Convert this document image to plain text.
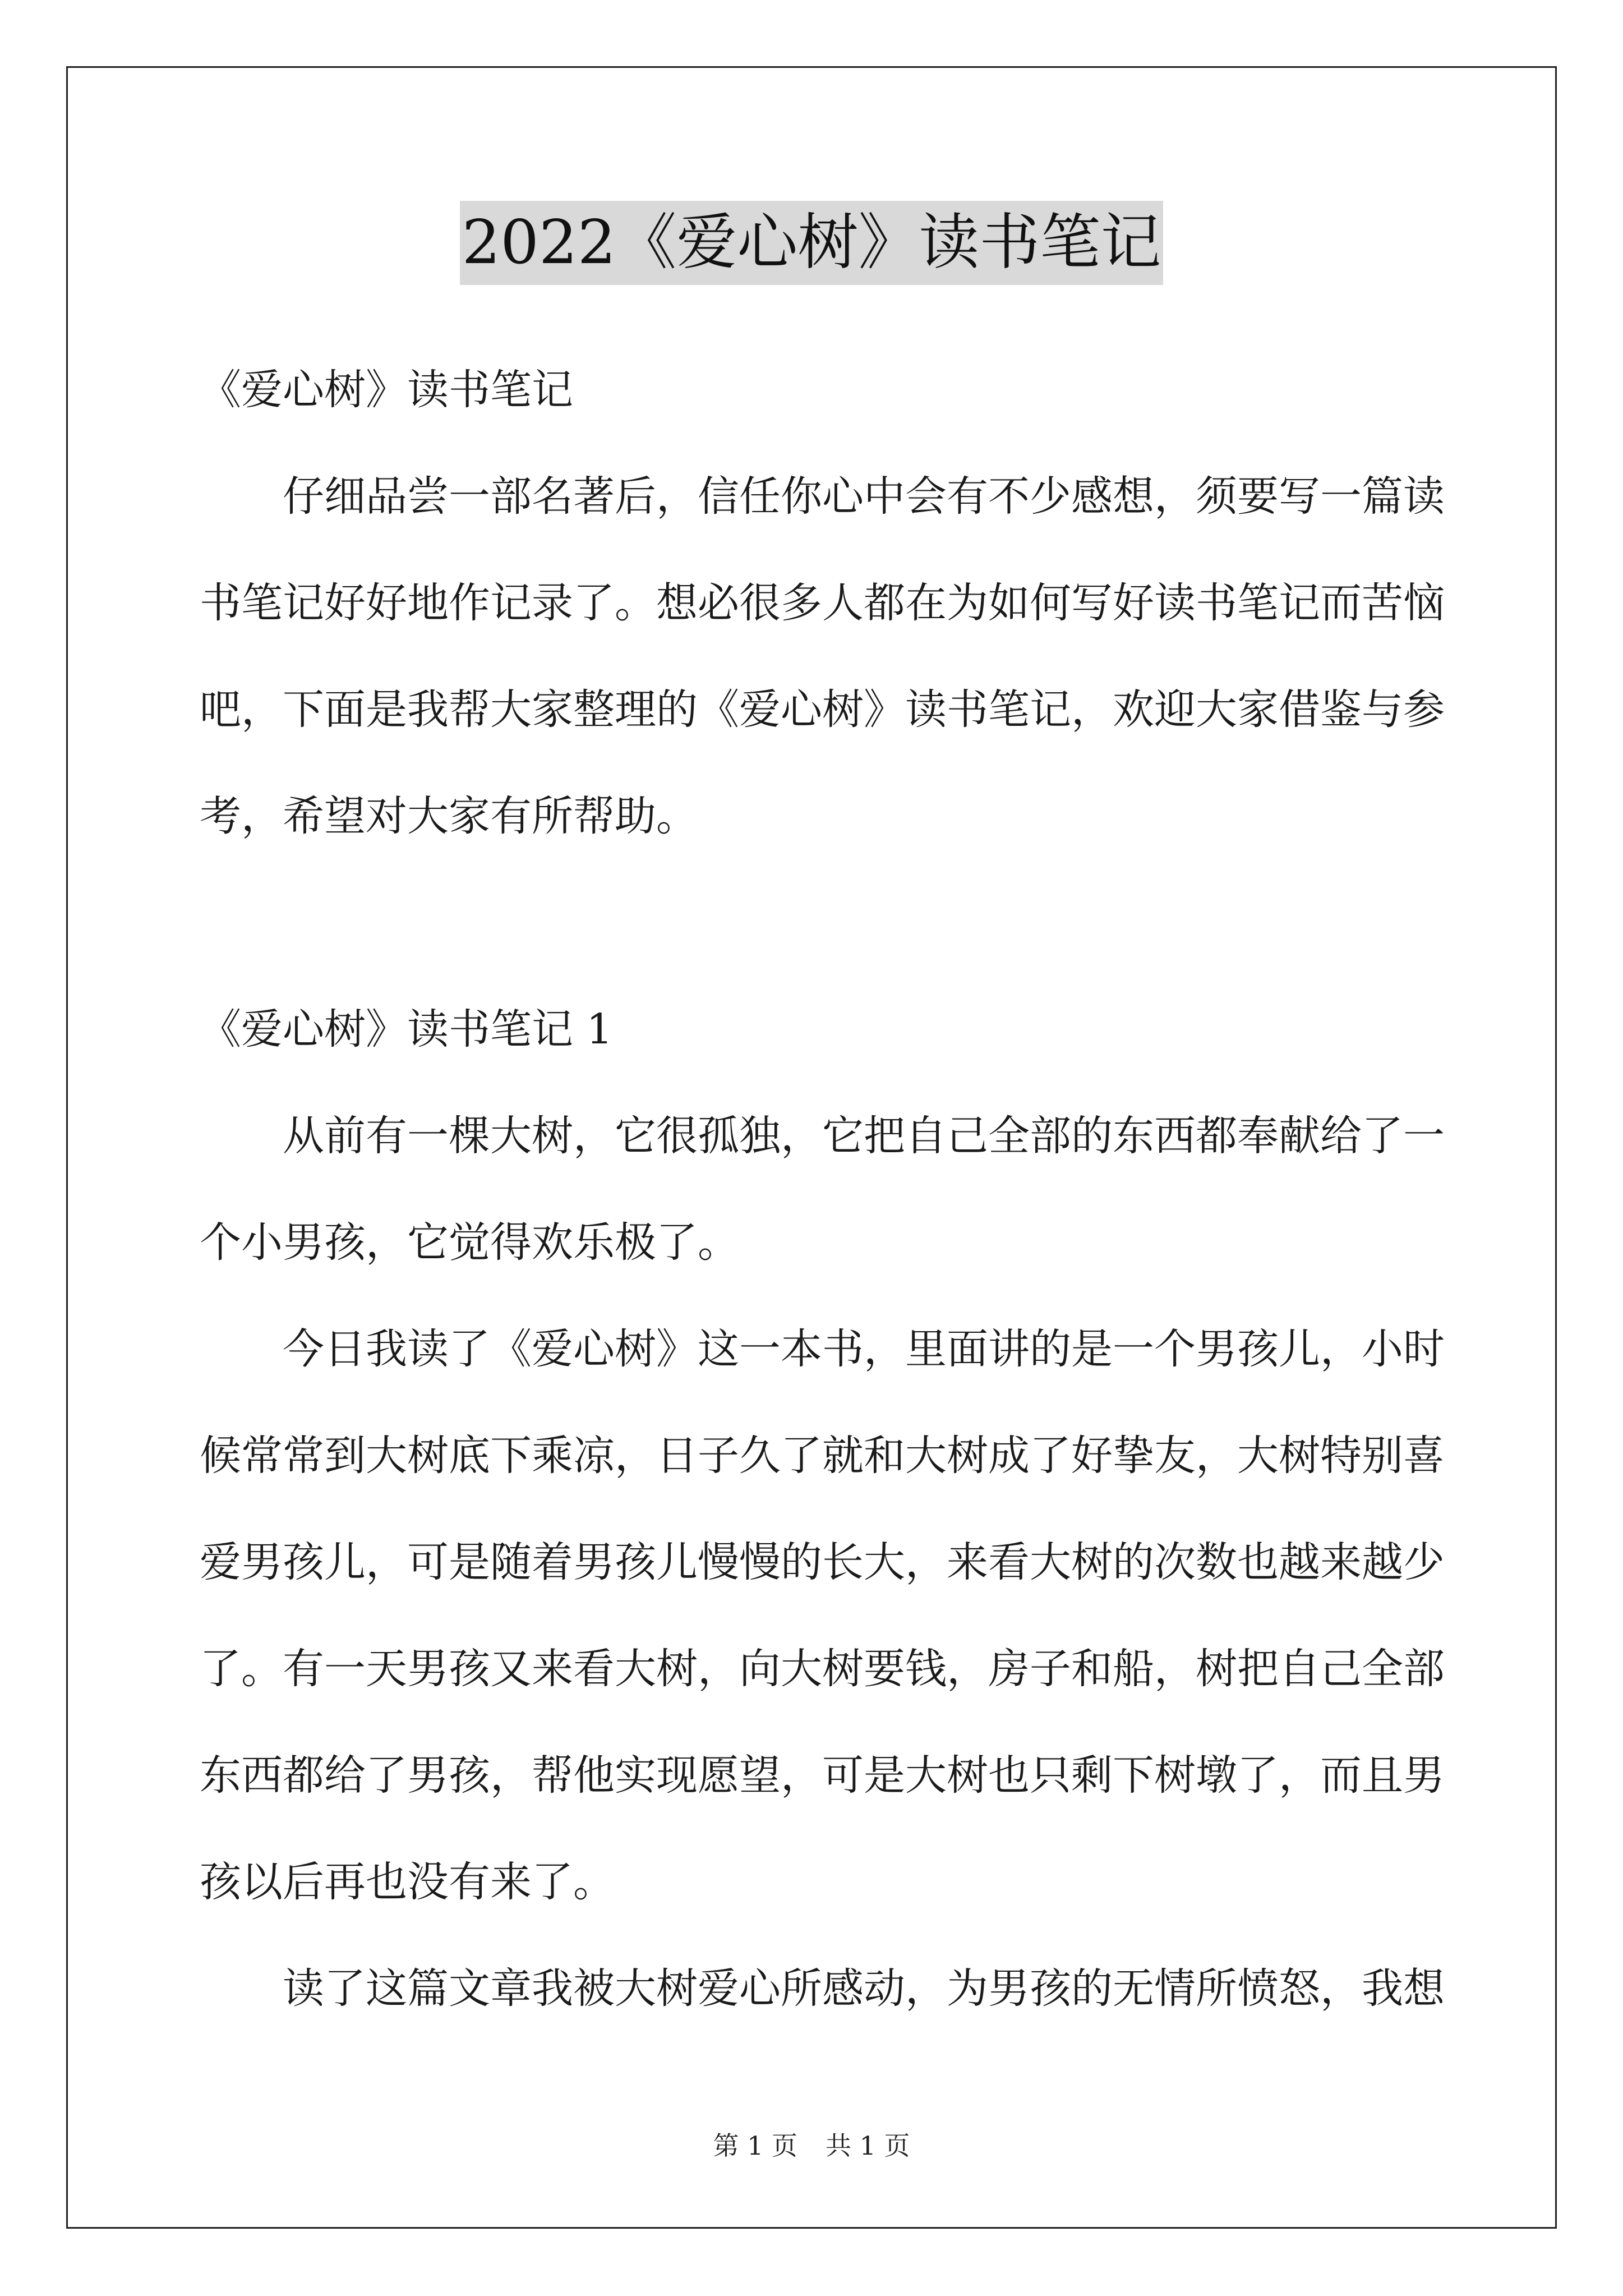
2022《爱心树》读书笔记
《爱心树》读书笔记
仔细品尝一部名著后，信任你心中会有不少感想，须要写一篇读
书笔记好好地作记录了。想必很多人都在为如何写好读书笔记而苦恼
吧，下面是我帮大家整理的《爱心树》读书笔记，欢迎大家借鉴与参
考，希望对大家有所帮助。
《爱心树》读书笔记 1
从前有一棵大树，它很孤独，它把自己全部的东西都奉献给了一
个小男孩，它觉得欢乐极了。
今日我读了《爱心树》这一本书，里面讲的是一个男孩儿，小时
候常常到大树底下乘凉，日子久了就和大树成了好挚友，大树特别喜
爱男孩儿，可是随着男孩儿慢慢的长大，来看大树的次数也越来越少
了。有一天男孩又来看大树，向大树要钱，房子和船，树把自己全部
东西都给了男孩，帮他实现愿望，可是大树也只剩下树墩了，而且男
孩以后再也没有来了。
读了这篇文章我被大树爱心所感动，为男孩的无情所愤怒，我想
第 1 页 共 1 页
